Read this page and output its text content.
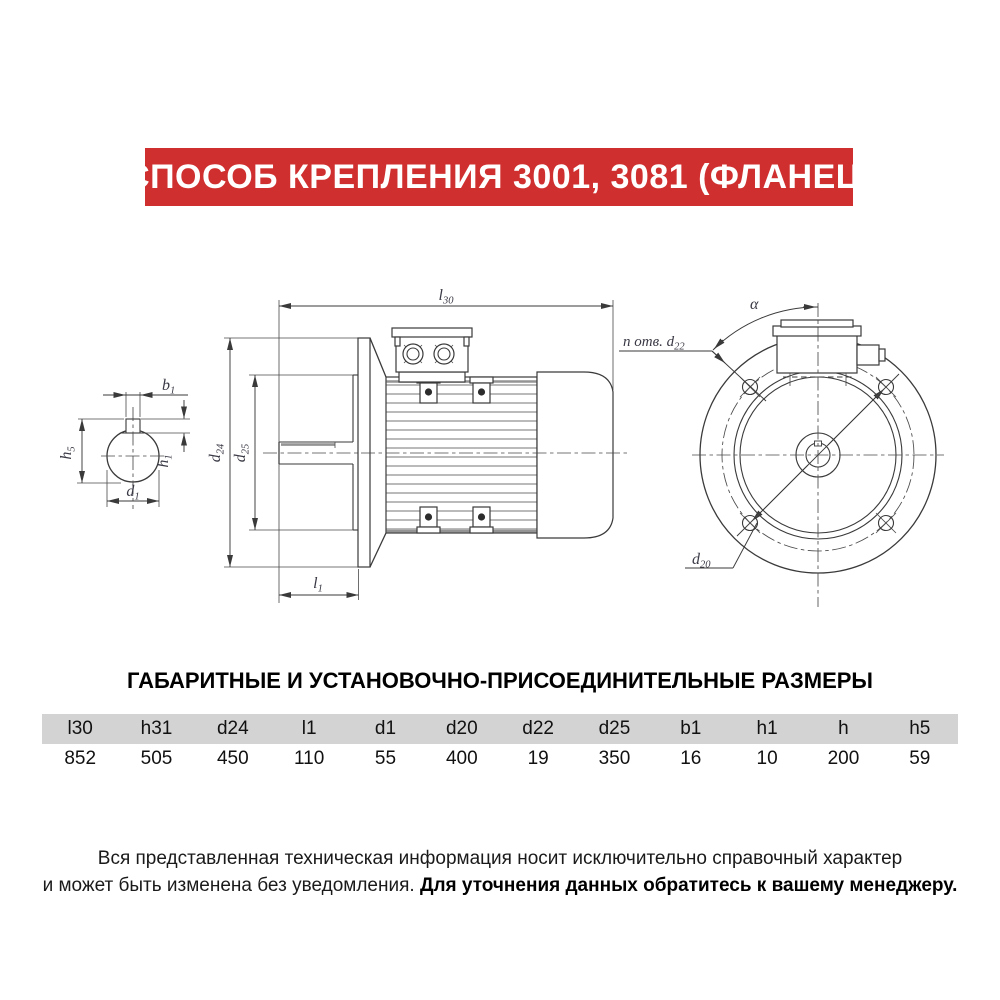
СПОСОБ КРЕПЛЕНИЯ 3001, 3081 (ФЛАНЕЦ)
$b_1$
$h_5$
$h_1$
$d_1$
$l_{30}$
$d_{24}$
$d_{25}$
$l_1$
α
n отв. $d_{22}$
$d_{20}$
ГАБАРИТНЫЕ И УСТАНОВОЧНО-ПРИСОЕДИНИТЕЛЬНЫЕ РАЗМЕРЫ
l30	h31	d24	l1	d1	d20	d22	d25	b1	h1	h	h5
852	505	450	110	55	400	19	350	16	10	200	59
Вся представленная техническая информация носит исключительно справочный характер
и может быть изменена без уведомления. Для уточнения данных обратитесь к вашему менеджеру.
